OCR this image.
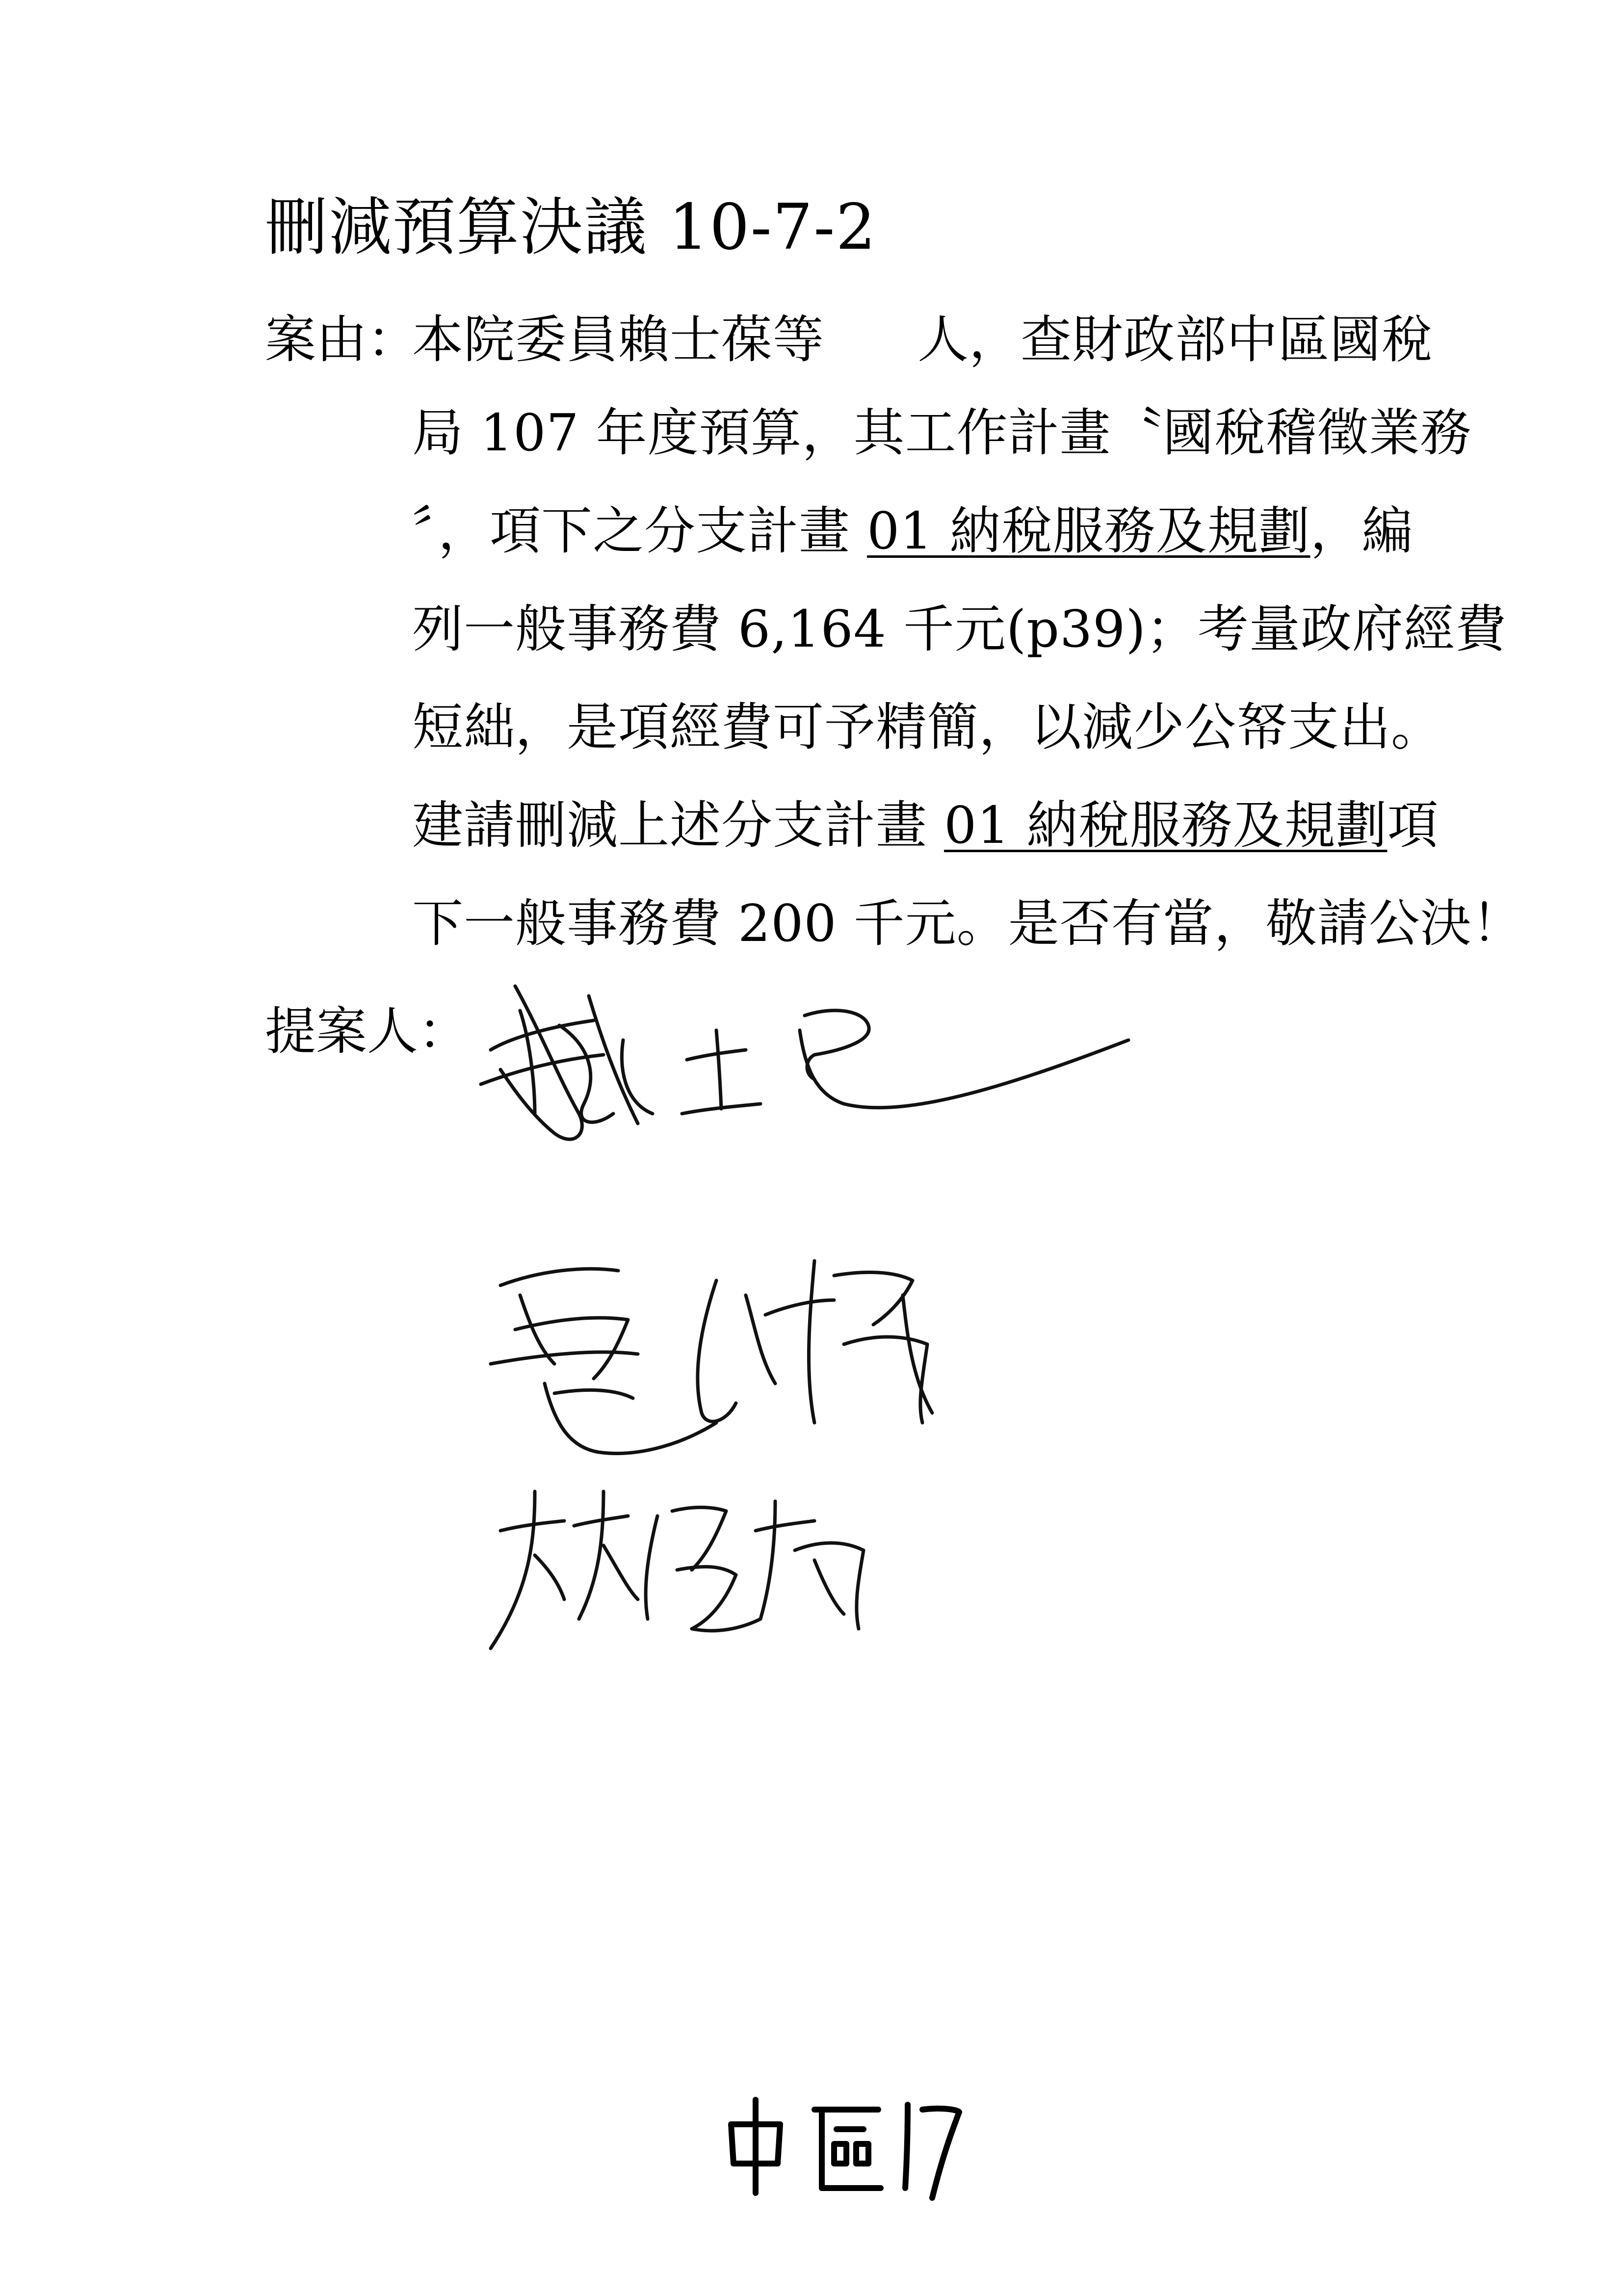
刪減預算決議 10-7-2
案由：
本院委員賴士葆等 人，查財政部中區國稅
局 107 年度預算，其工作計畫〝國稅稽徵業務
〞，項下之分支計畫 01 納稅服務及規劃，編
列一般事務費 6,164 千元(p39)；考量政府經費
短絀，是項經費可予精簡，以減少公帑支出。
建請刪減上述分支計畫 01 納稅服務及規劃項
下一般事務費 200 千元。是否有當，敬請公決！
提案人：
